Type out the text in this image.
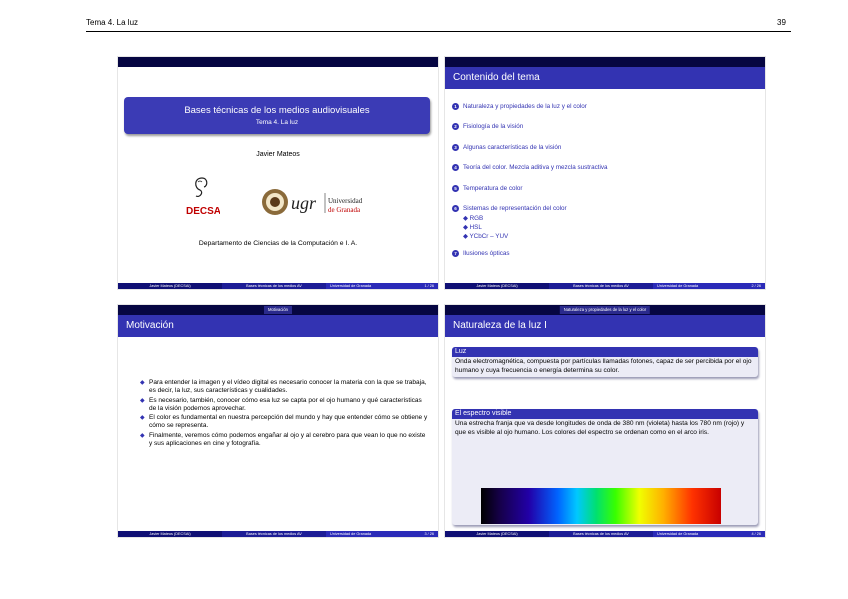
Tema 4. La luz	39
Bases técnicas de los medios audiovisuales
Tema 4. La luz
Javier Mateos
DECS	ugr Universidad
de Granada
Departamento de Ciencias de la Computación e I. A.
Javier Mateos (DECSAI)	Bases técnicas de los medios AV	Universidad de Granada	1 / 26
Contenido del tema
1 Naturaleza y propiedades de la luz y el color
2 Fisiología de la visión
3 Algunas características de la visión
4 Teoría del color. Mezcla aditiva y mezcla sustractiva
5 Temperatura de color
6 Sistemas de representación del color
◆ RGB
◆ HSL
◆ YCbCr – YUV
7 Ilusiones ópticas
Javier Mateos (DECSAI)	Bases técnicas de los medios AV	Universidad de Granada	2 / 26
Motivación
Motivación
◆ Para entender la imagen y el vídeo digital es necesario conocer la materia con la que se trabaja, es decir, la luz, sus características y cualidades.
◆ Es necesario, también, conocer cómo esa luz se capta por el ojo humano y qué características de la visión podemos aprovechar.
◆ El color es fundamental en nuestra percepción del mundo y hay que entender cómo se obtiene y cómo se representa.
◆ Finalmente, veremos cómo podemos engañar al ojo y al cerebro para que vean lo que no existe y sus aplicaciones en cine y fotografía.
Javier Mateos (DECSAI)	Bases técnicas de los medios AV	Universidad de Granada	3 / 26
Naturaleza y propiedades de la luz y el color
Naturaleza de la luz I
Luz
Onda electromagnética, compuesta por partículas llamadas fotones, capaz de ser percibida por el ojo humano y cuya frecuencia o energía determina su color.
El espectro visible
Una estrecha franja que va desde longitudes de onda de 380 nm (violeta) hasta los 780 nm (rojo) y que es visible al ojo humano. Los colores del espectro se ordenan como en el arco iris.
Javier Mateos (DECSAI)	Bases técnicas de los medios AV	Universidad de Granada	4 / 26
